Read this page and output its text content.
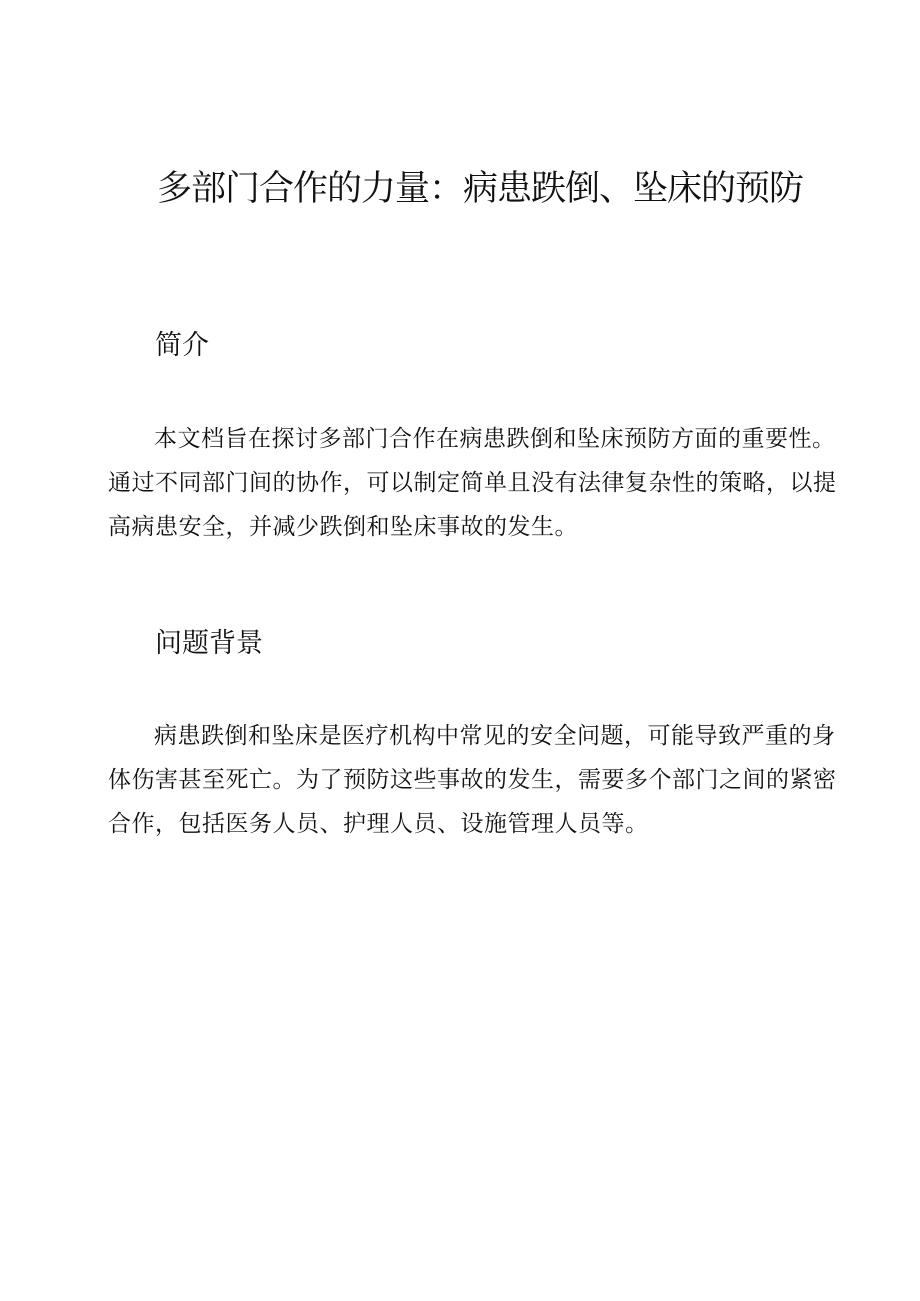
多部门合作的力量：病患跌倒、坠床的预防
简介

本文档旨在探讨多部门合作在病患跌倒和坠床预防方面的重要性。通过不同部门间的协作，可以制定简单且没有法律复杂性的策略，以提高病患安全，并减少跌倒和坠床事故的发生。

问题背景

病患跌倒和坠床是医疗机构中常见的安全问题，可能导致严重的身体伤害甚至死亡。为了预防这些事故的发生，需要多个部门之间的紧密合作，包括医务人员、护理人员、设施管理人员等。
